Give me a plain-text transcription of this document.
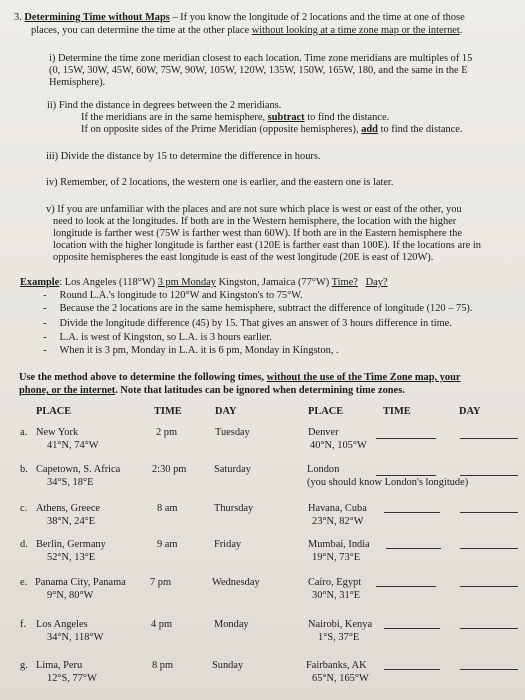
3. Determining Time without Maps – If you know the longitude of 2 locations and the time at one of those
places, you can determine the time at the other place without looking at a time zone map or the internet.
i) Determine the time zone meridian closest to each location. Time zone meridians are multiples of 15
(0, 15W, 30W, 45W, 60W, 75W, 90W, 105W, 120W, 135W, 150W, 165W, 180, and the same in the E
Hemisphere).
ii) Find the distance in degrees between the 2 meridians.
If the meridians are in the same hemisphere, subtract to find the distance.
If on opposite sides of the Prime Meridian (opposite hemispheres), add to find the distance.
iii) Divide the distance by 15 to determine the difference in hours.
iv) Remember, of 2 locations, the western one is earlier, and the eastern one is later.
v) If you are unfamiliar with the places and are not sure which place is west or east of the other, you
need to look at the longitudes. If both are in the Western hemisphere, the location with the higher
longitude is farther west (75W is farther west than 60W). If both are in the Eastern hemisphere the
location with the higher longitude is farther east (120E is farther east than 100E). If the locations are in
opposite hemispheres the east longitude is east of the west longitude (20E is east of 120W).
Example: Los Angeles (118°W) 3 pm Monday Kingston, Jamaica (77°W) Time? Day?
- Round L.A.'s longitude to 120°W and Kingston's to 75°W.
- Because the 2 locations are in the same hemisphere, subtract the difference of longitude (120 – 75).
- Divide the longitude difference (45) by 15. That gives an answer of 3 hours difference in time.
- L.A. is west of Kingston, so L.A. is 3 hours earlier.
- When it is 3 pm, Monday in L.A. it is 6 pm, Monday in Kingston, .
Use the method above to determine the following times, without the use of the Time Zone map, your
phone, or the internet. Note that latitudes can be ignored when determining time zones.
PLACE	TIME	DAY	PLACE	TIME	DAY
a. New York
41°N, 74°W
2 pm	Tuesday	Denver
40°N, 105°W
b. Capetown, S. Africa
34°S, 18°E
2:30 pm	Saturday	London
(you should know London's longitude)
c. Athens, Greece
38°N, 24°E
8 am	Thursday	Havana, Cuba
23°N, 82°W
d. Berlin, Germany
52°N, 13°E
9 am	Friday	Mumbai, India
19°N, 73°E
e. Panama City, Panama
9°N, 80°W
7 pm	Wednesday	Cairo, Egypt
30°N, 31°E
f. Los Angeles
34°N, 118°W
4 pm	Monday	Nairobi, Kenya
1°S, 37°E
g. Lima, Peru
12°S, 77°W
8 pm	Sunday	Fairbanks, AK
65°N, 165°W
